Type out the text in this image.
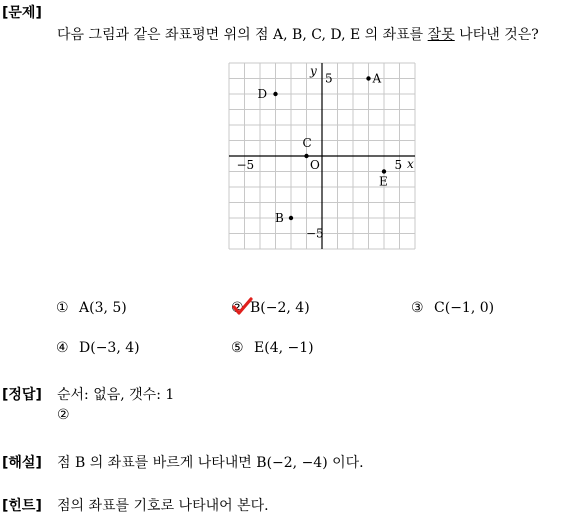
[문제]
[정답]
[해설]
[힌트]
다음 그림과 같은 좌표평면 위의 점 A, B, C, D, E 의 좌표를 잘못 나타낸 것은?
x
y
O
−5	5
5
−5
A
B
C
D
E
① A(3, 5)	② B(−2, 4)	③ C(−1, 0)
④ D(−3, 4)	⑤ E(4, −1)
순서: 없음, 갯수: 1
②
점 B 의 좌표를 바르게 나타내면 B(−2, −4) 이다.
점의 좌표를 기호로 나타내어 본다.
